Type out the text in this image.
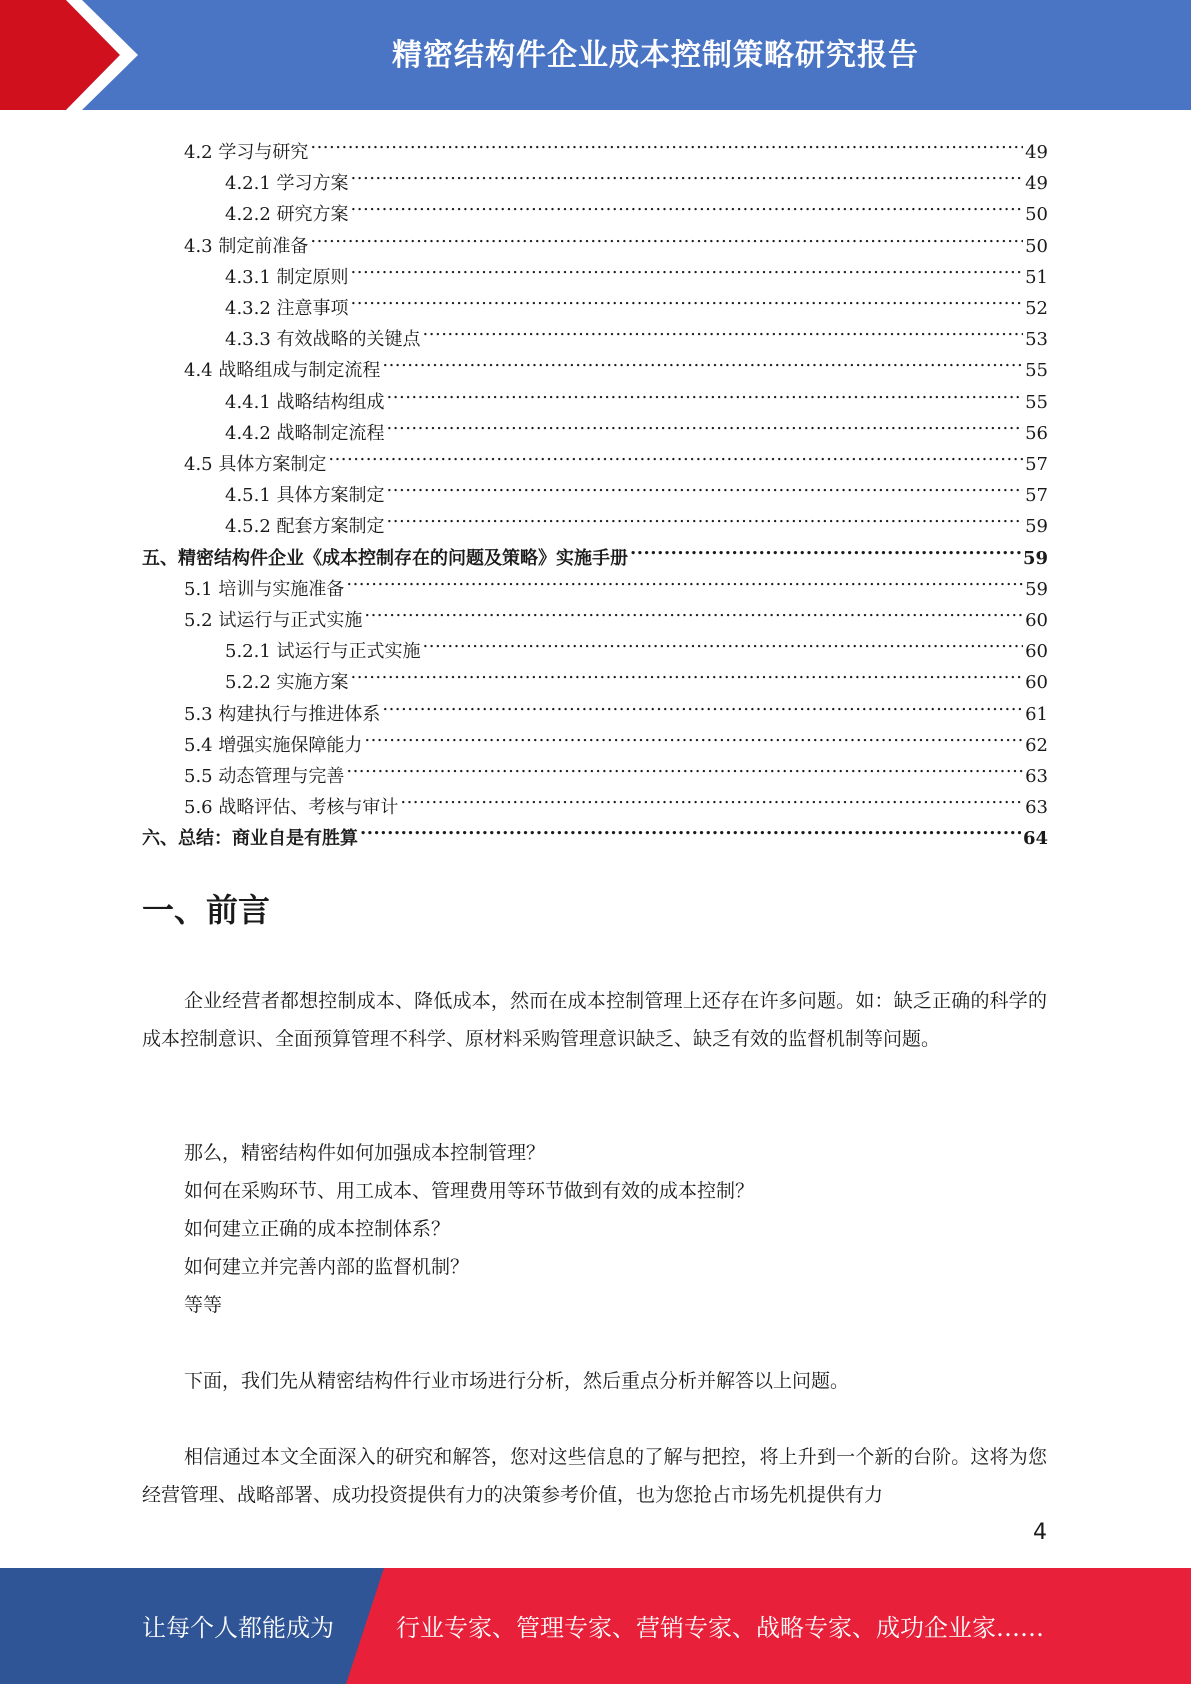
精密结构件企业成本控制策略研究报告
4.2 学习与研究 .....	49
4.2.1 学习方案 .....	49
4.2.2 研究方案 .....	50
4.3 制定前准备 .....	50
4.3.1 制定原则 .....	51
4.3.2 注意事项 .....	52
4.3.3 有效战略的关键点 .....	53
4.4 战略组成与制定流程 .....	55
4.4.1 战略结构组成 .....	55
4.4.2 战略制定流程 .....	56
4.5 具体方案制定 .....	57
4.5.1 具体方案制定 .....	57
4.5.2 配套方案制定 .....	59
五、精密结构件企业《成本控制存在的问题及策略》实施手册 .....	59
5.1 培训与实施准备 .....	59
5.2 试运行与正式实施 .....	60
5.2.1 试运行与正式实施 .....	60
5.2.2 实施方案 .....	60
5.3 构建执行与推进体系 .....	61
5.4 增强实施保障能力 .....	62
5.5 动态管理与完善 .....	63
5.6 战略评估、考核与审计 .....	63
六、总结：商业自是有胜算 .....	64
一、前言

企业经营者都想控制成本、降低成本，然而在成本控制管理上还存在许多问题。如：缺乏正确的科学的成本控制意识、全面预算管理不科学、原材料采购管理意识缺乏、缺乏有效的监督机制等问题。

那么，精密结构件如何加强成本控制管理？
如何在采购环节、用工成本、管理费用等环节做到有效的成本控制？
如何建立正确的成本控制体系？
如何建立并完善内部的监督机制？
等等

下面，我们先从精密结构件行业市场进行分析，然后重点分析并解答以上问题。

相信通过本文全面深入的研究和解答，您对这些信息的了解与把控，将上升到一个新的台阶。这将为您经营管理、战略部署、成功投资提供有力的决策参考价值，也为您抢占市场先机提供有力

4
让每个人都能成为	行业专家、管理专家、营销专家、战略专家、成功企业家……
